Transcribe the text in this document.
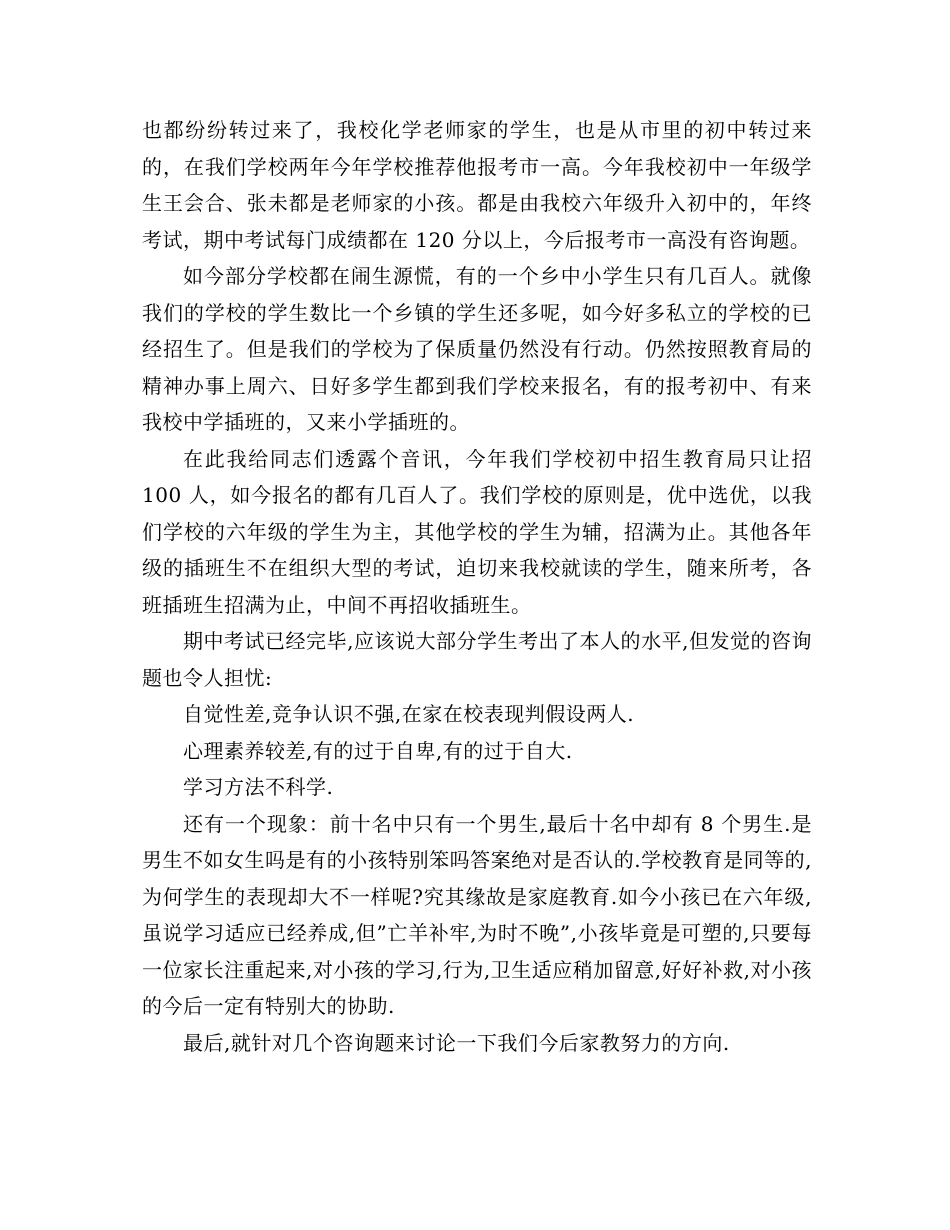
也都纷纷转过来了，我校化学老师家的学生，也是从市里的初中转过来的，在我们学校两年今年学校推荐他报考市一高。今年我校初中一年级学生王会合、张未都是老师家的小孩。都是由我校六年级升入初中的，年终考试，期中考试每门成绩都在 120 分以上，今后报考市一高没有咨询题。

如今部分学校都在闹生源慌，有的一个乡中小学生只有几百人。就像我们的学校的学生数比一个乡镇的学生还多呢，如今好多私立的学校的已经招生了。但是我们的学校为了保质量仍然没有行动。仍然按照教育局的精神办事上周六、日好多学生都到我们学校来报名，有的报考初中、有来我校中学插班的，又来小学插班的。

在此我给同志们透露个音讯，今年我们学校初中招生教育局只让招 100 人，如今报名的都有几百人了。我们学校的原则是，优中选优，以我们学校的六年级的学生为主，其他学校的学生为辅，招满为止。其他各年级的插班生不在组织大型的考试，迫切来我校就读的学生，随来所考，各班插班生招满为止，中间不再招收插班生。

期中考试已经完毕,应该说大部分学生考出了本人的水平,但发觉的咨询题也令人担忧:

自觉性差,竞争认识不强,在家在校表现判假设两人.

心理素养较差,有的过于自卑,有的过于自大.

学习方法不科学.

还有一个现象：前十名中只有一个男生,最后十名中却有 8 个男生.是男生不如女生吗是有的小孩特别笨吗答案绝对是否认的.学校教育是同等的,为何学生的表现却大不一样呢?究其缘故是家庭教育.如今小孩已在六年级,虽说学习适应已经养成,但”亡羊补牢,为时不晚”,小孩毕竟是可塑的,只要每一位家长注重起来,对小孩的学习,行为,卫生适应稍加留意,好好补救,对小孩的今后一定有特别大的协助.

最后,就针对几个咨询题来讨论一下我们今后家教努力的方向.
